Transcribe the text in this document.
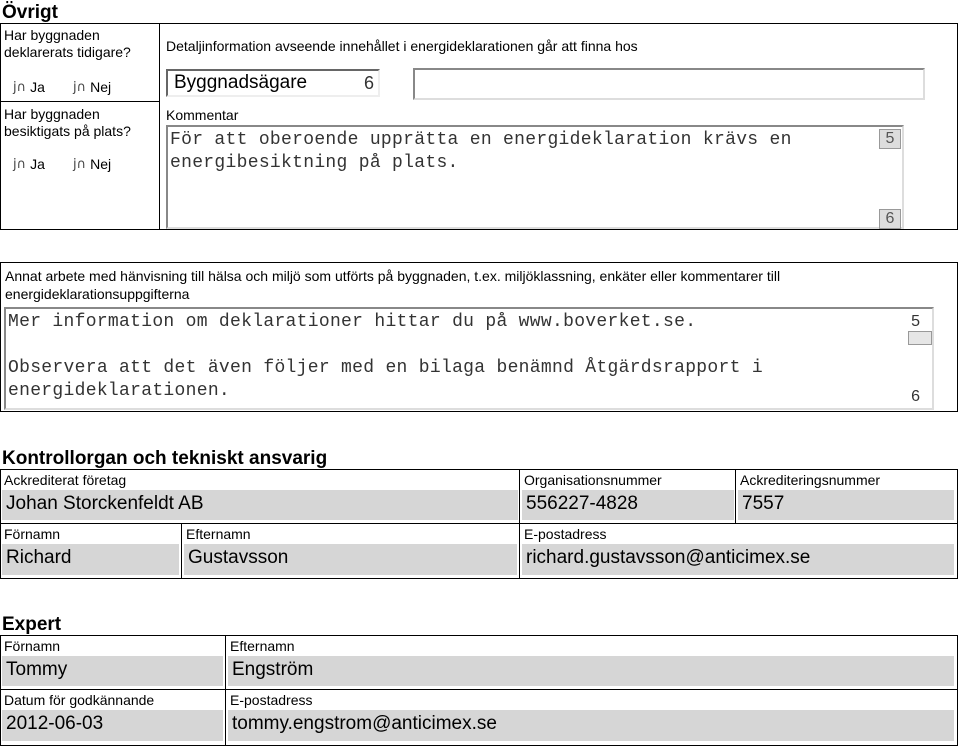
Övrigt
Har byggnaden deklarerats tidigare?
j∩ Ja j∩ Nej
Har byggnaden besiktigats på plats?
j∩ Ja j∩ Nej
Detaljinformation avseende innehållet i energideklarationen går att finna hos
Byggnadsägare	6
Kommentar
För att oberoende upprätta en energideklaration krävs en energibesiktning på plats.
5
6
Annat arbete med hänvisning till hälsa och miljö som utförts på byggnaden, t.ex. miljöklassning, enkäter eller kommentarer till energideklarationsuppgifterna
Mer information om deklarationer hittar du på www.boverket.se.
Observera att det även följer med en bilaga benämnd Åtgärdsrapport i energideklarationen.
5
6
Kontrollorgan och tekniskt ansvarig
Ackrediterat företag
Johan Storckenfeldt AB
Organisationsnummer
556227-4828
Ackrediteringsnummer
7557
Förnamn
Richard
Efternamn
Gustavsson
E-postadress
richard.gustavsson@anticimex.se
Expert
Förnamn
Tommy
Efternamn
Engström
Datum för godkännande
2012-06-03
E-postadress
tommy.engstrom@anticimex.se
